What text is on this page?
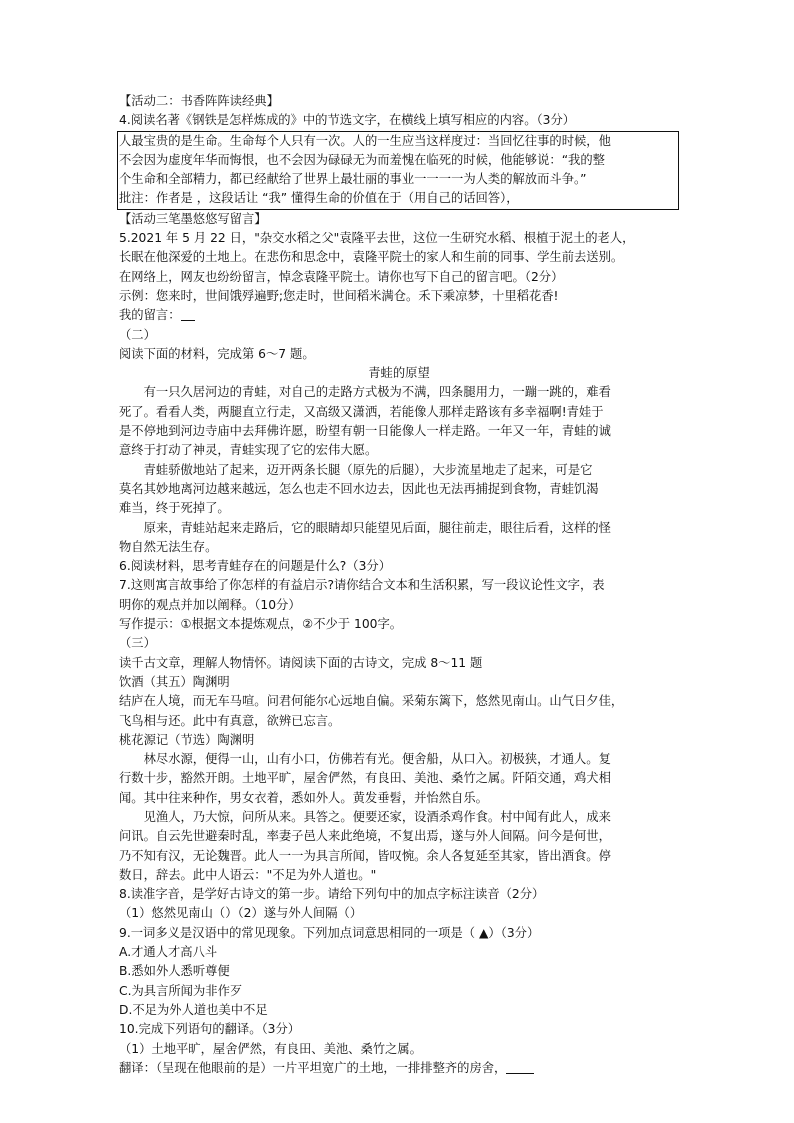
【活动二：书香阵阵读经典】
4.阅读名著《钢铁是怎样炼成的》中的节选文字，在横线上填写相应的内容。（3分）
人最宝贵的是生命。生命每个人只有一次。人的一生应当这样度过：当回忆往事的时候，他
不会因为虚度年华而悔恨，也不会因为碌碌无为而羞愧在临死的时候，他能够说：“我的整
个生命和全部精力，都已经献给了世界上最壮丽的事业一一一一为人类的解放而斗争。”
批注：作者是 ，这段话让 “我” 懂得生命的价值在于（用自己的话回答），
【活动三笔墨悠悠写留言】
5.2021 年 5 月 22 日，"杂交水稻之父"袁隆平去世，这位一生研究水稻、根植于泥土的老人，
长眠在他深爱的土地上。在悲伤和思念中，袁隆平院士的家人和生前的同事、学生前去送别。
在网络上，网友也纷纷留言，悼念袁隆平院士。请你也写下自己的留言吧。（2分）
示例：您来时，世间饿殍遍野;您走时，世间稻米满仓。禾下乘凉梦，十里稻花香!
我的留言：
（二）
阅读下面的材料，完成第 6～7 题。
青蛙的原望
有一只久居河边的青蛙，对自己的走路方式极为不满，四条腿用力，一蹦一跳的，难看
死了。看看人类，两腿直立行走，又高级又潇洒，若能像人那样走路该有多幸福啊!青娃于
是不停地到河边寺庙中去拜佛许愿，盼望有朝一日能像人一样走路。一年又一年，青蛙的诚
意终于打动了神灵，青蛙实现了它的宏伟大愿。
青蛙骄傲地站了起来，迈开两条长腿（原先的后腿），大步流星地走了起来，可是它
莫名其妙地离河边越来越远，怎么也走不回水边去，因此也无法再捕捉到食物，青蛙饥渴
难当，终于死掉了。
原来，青蛙站起来走路后，它的眼睛却只能望见后面，腿往前走，眼往后看，这样的怪
物自然无法生存。
6.阅读材料，思考青蛙存在的问题是什么?（3分）
7.这则寓言故事给了你怎样的有益启示?请你结合文本和生活积累，写一段议论性文字，表
明你的观点并加以阐释。（10分）
写作提示：①根据文本提炼观点，②不少于 100字。
（三）
读千古文章，理解人物情怀。请阅读下面的古诗文，完成 8～11 题
饮酒（其五）陶渊明
结庐在人境，而无车马喧。问君何能尔心远地自偏。采菊东篱下，悠然见南山。山气日夕佳，
飞鸟相与还。此中有真意，欲辨已忘言。
桃花源记（节选）陶渊明
林尽水源，便得一山，山有小口，仿佛若有光。便舍船，从口入。初极狭，才通人。复
行数十步，豁然开朗。土地平旷，屋舍俨然，有良田、美池、桑竹之属。阡陌交通，鸡犬相
闻。其中往来种作，男女衣着，悉如外人。黄发垂髫，并怡然自乐。
见渔人，乃大惊，问所从来。具答之。便要还家，设酒杀鸡作食。村中闻有此人，成来
问讯。自云先世避秦时乱，率妻子邑人来此绝境，不复出焉，遂与外人间隔。问今是何世，
乃不知有汉，无论魏晋。此人一一为具言所闻，皆叹惋。余人各复延至其家，皆出酒食。停
数日，辞去。此中人语云："不足为外人道也。"
8.读准字音，是学好古诗文的第一步。请给下列句中的加点字标注读音（2分）
（1）悠然见南山（）（2）遂与外人间隔（）
9.一词多义是汉语中的常见现象。下列加点词意思相同的一项是（ ▲）（3分）
A.才通人才高八斗
B.悉如外人悉听尊便
C.为具言所闻为非作歹
D.不足为外人道也美中不足
10.完成下列语句的翻译。（3分）
（1）土地平旷，屋舍俨然，有良田、美池、桑竹之属。
翻译：（呈现在他眼前的是）一片平坦宽广的土地，一排排整齐的房舍，
